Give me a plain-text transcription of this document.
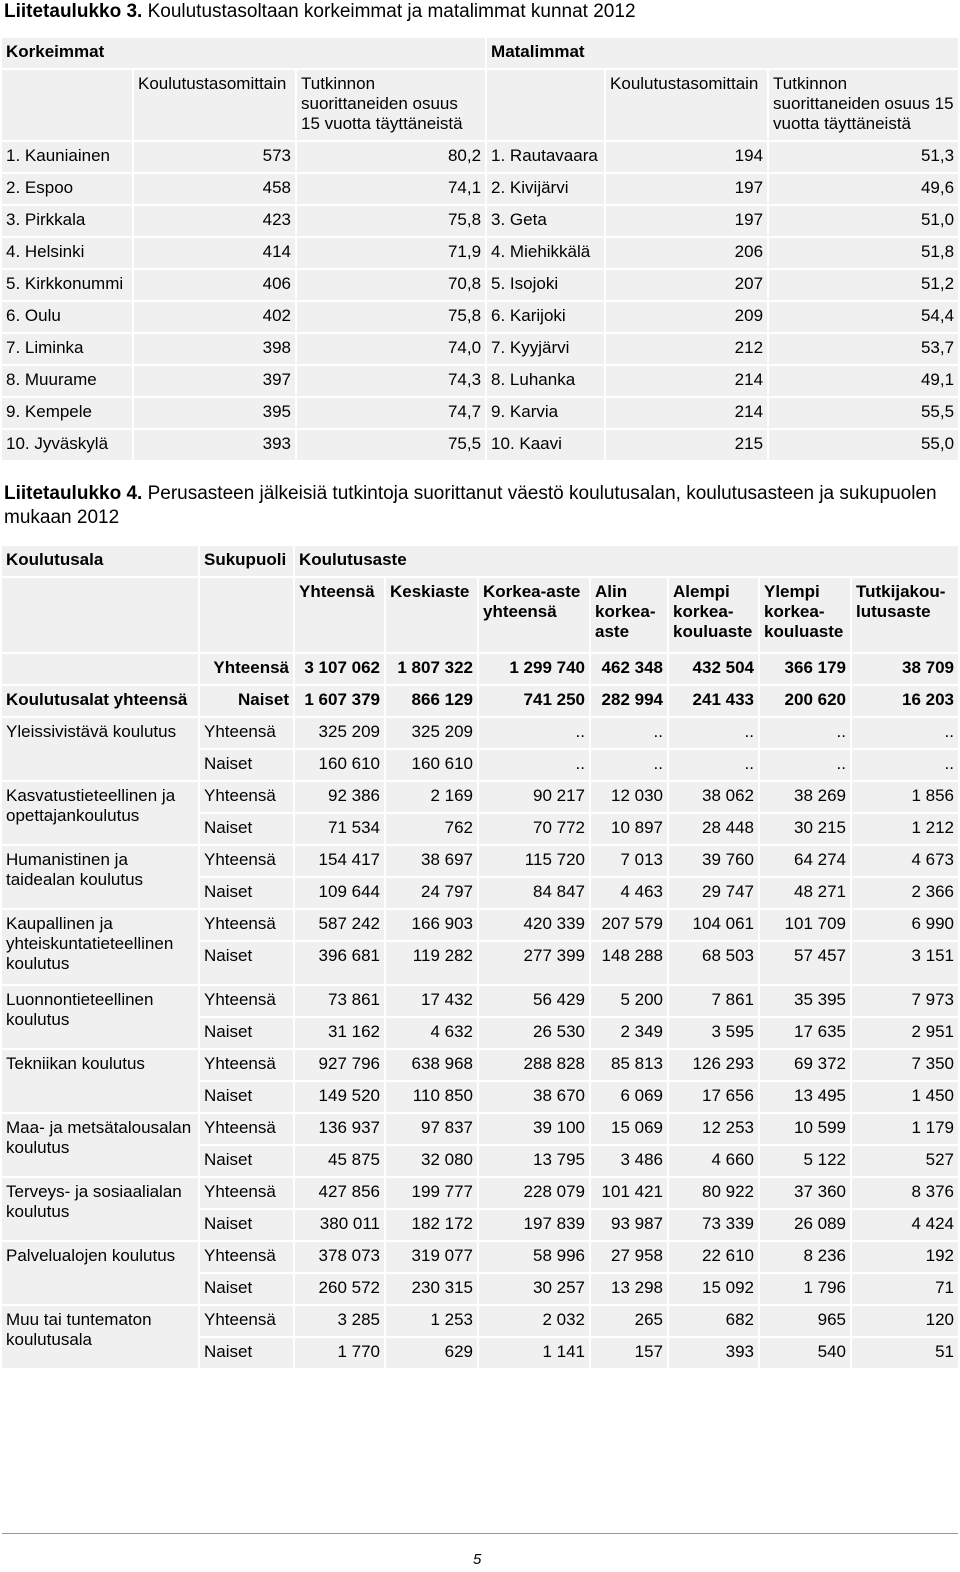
Liitetaulukko 3. Koulutustasoltaan korkeimmat ja matalimmat kunnat 2012
Korkeimmat			Matalimmat		
	Koulutustasomittain	Tutkinnon suorittaneiden osuus 15 vuotta täyttäneistä		Koulutustasomittain	Tutkinnon suorittaneiden osuus 15 vuotta täyttäneistä
1. Kauniainen	573	80,2	1. Rautavaara	194	51,3
2. Espoo	458	74,1	2. Kivijärvi	197	49,6
3. Pirkkala	423	75,8	3. Geta	197	51,0
4. Helsinki	414	71,9	4. Miehikkälä	206	51,8
5. Kirkkonummi	406	70,8	5. Isojoki	207	51,2
6. Oulu	402	75,8	6. Karijoki	209	54,4
7. Liminka	398	74,0	7. Kyyjärvi	212	53,7
8. Muurame	397	74,3	8. Luhanka	214	49,1
9. Kempele	395	74,7	9. Karvia	214	55,5
10. Jyväskylä	393	75,5	10. Kaavi	215	55,0
Liitetaulukko 4. Perusasteen jälkeisiä tutkintoja suorittanut väestö koulutusalan, koulutusasteen ja sukupuolen mukaan 2012
Koulutusala	Sukupuoli	Koulutusaste						
		Yhteensä	Keskiaste	Korkea-aste yhteensä	Alin korkea-aste	Alempi korkea-kouluaste	Ylempi korkea-kouluaste	Tutkijakou-lutusaste
	Yhteensä	3 107 062	1 807 322	1 299 740	462 348	432 504	366 179	38 709
Koulutusalat yhteensä	Naiset	1 607 379	866 129	741 250	282 994	241 433	200 620	16 203
Yleissivistävä koulutus	Yhteensä	325 209	325 209	..	..	..	..	..
	Naiset	160 610	160 610	..	..	..	..	..
Kasvatustieteellinen ja opettajankoulutus	Yhteensä	92 386	2 169	90 217	12 030	38 062	38 269	1 856
	Naiset	71 534	762	70 772	10 897	28 448	30 215	1 212
Humanistinen ja taidealan koulutus	Yhteensä	154 417	38 697	115 720	7 013	39 760	64 274	4 673
	Naiset	109 644	24 797	84 847	4 463	29 747	48 271	2 366
Kaupallinen ja yhteiskuntatieteellinen koulutus	Yhteensä	587 242	166 903	420 339	207 579	104 061	101 709	6 990
	Naiset	396 681	119 282	277 399	148 288	68 503	57 457	3 151
Luonnontieteellinen koulutus	Yhteensä	73 861	17 432	56 429	5 200	7 861	35 395	7 973
	Naiset	31 162	4 632	26 530	2 349	3 595	17 635	2 951
Tekniikan koulutus	Yhteensä	927 796	638 968	288 828	85 813	126 293	69 372	7 350
	Naiset	149 520	110 850	38 670	6 069	17 656	13 495	1 450
Maa- ja metsätalousalan koulutus	Yhteensä	136 937	97 837	39 100	15 069	12 253	10 599	1 179
	Naiset	45 875	32 080	13 795	3 486	4 660	5 122	527
Terveys- ja sosiaalialan koulutus	Yhteensä	427 856	199 777	228 079	101 421	80 922	37 360	8 376
	Naiset	380 011	182 172	197 839	93 987	73 339	26 089	4 424
Palvelualojen koulutus	Yhteensä	378 073	319 077	58 996	27 958	22 610	8 236	192
	Naiset	260 572	230 315	30 257	13 298	15 092	1 796	71
Muu tai tuntematon koulutusala	Yhteensä	3 285	1 253	2 032	265	682	965	120
	Naiset	1 770	629	1 141	157	393	540	51
5
